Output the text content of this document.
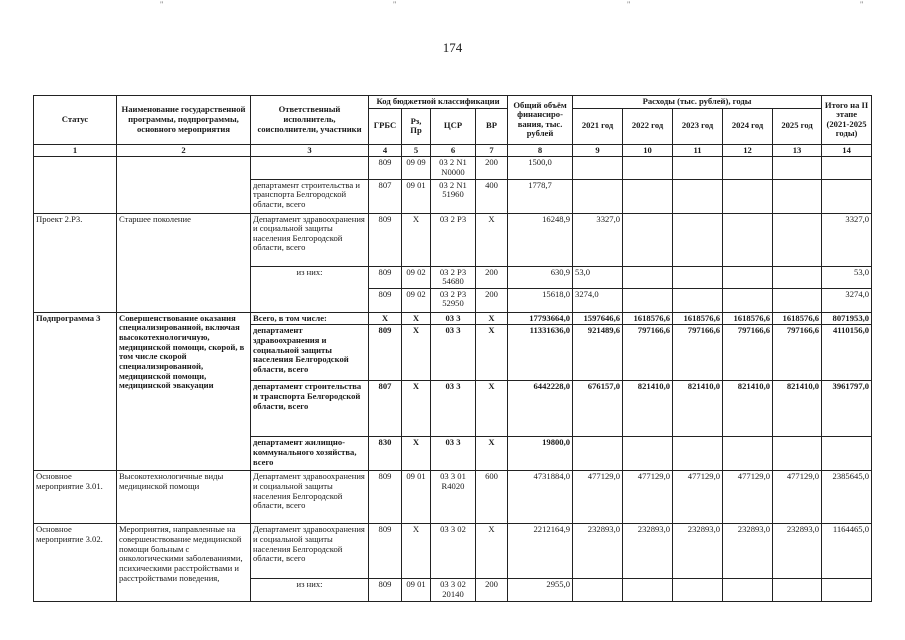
"	"	"	"
174
Статус	Наименование государственной программы, подпрограммы, основного мероприятия	Ответственный исполнитель, соисполнители, участники	Код бюджетной классификации				Общий объём финансиро-вания, тыс. рублей	Расходы (тыс. рублей), годы					Итого на II этапе (2021-2025 годы)
			ГРБС	Рз, Пр	ЦСР	ВР		2021 год	2022 год	2023 год	2024 год	2025 год	
1	2	3	4	5	6	7	8	9	10	11	12	13	14
			809	09 09	03 2 N1 N0000	200	1500,0						
		департамент строительства и транспорта Белгородской области, всего	807	09 01	03 2 N1 51960	400	1778,7						
Проект 2.Р3.	Старшее поколение	Департамент здравоохранения и социальной защиты населения Белгородской области, всего	809	Х	03 2 Р3	Х	16248,9	3327,0					3327,0
		из них:	809	09 02	03 2 Р3 54680	200	630,9	53,0					53,0
			809	09 02	03 2 Р3 52950	200	15618,0	3274,0					3274,0
Подпрограмма 3	Совершенствование оказания специализированной, включая высокотехнологичную, медицинской помощи, скорой, в том числе скорой специализированной, медицинской помощи, медицинской эвакуации	Всего, в том числе:	Х	Х	03 3	Х	17793664,0	1597646,6	1618576,6	1618576,6	1618576,6	1618576,6	8071953,0
		департамент здравоохранения и социальной защиты населения Белгородской области, всего	809	Х	03 3	Х	11331636,0	921489,6	797166,6	797166,6	797166,6	797166,6	4110156,0
		департамент строительства и транспорта Белгородской области, всего	807	Х	03 3	Х	6442228,0	676157,0	821410,0	821410,0	821410,0	821410,0	3961797,0
		департамент жилищно-коммунального хозяйства, всего	830	Х	03 3	Х	19800,0						
Основное мероприятие 3.01.	Высокотехнологичные виды медицинской помощи	Департамент здравоохранения и социальной защиты населения Белгородской области, всего	809	09 01	03 3 01 R4020	600	4731884,0	477129,0	477129,0	477129,0	477129,0	477129,0	2385645,0
Основное мероприятие 3.02.	Мероприятия, направленные на совершенствование медицинской помощи больным с онкологическими заболеваниями, психическими расстройствами и расстройствами поведения,	Департамент здравоохранения и социальной защиты населения Белгородской области, всего	809	Х	03 3 02	Х	2212164,9	232893,0	232893,0	232893,0	232893,0	232893,0	1164465,0
		из них:	809	09 01	03 3 02 20140	200	2955,0						
